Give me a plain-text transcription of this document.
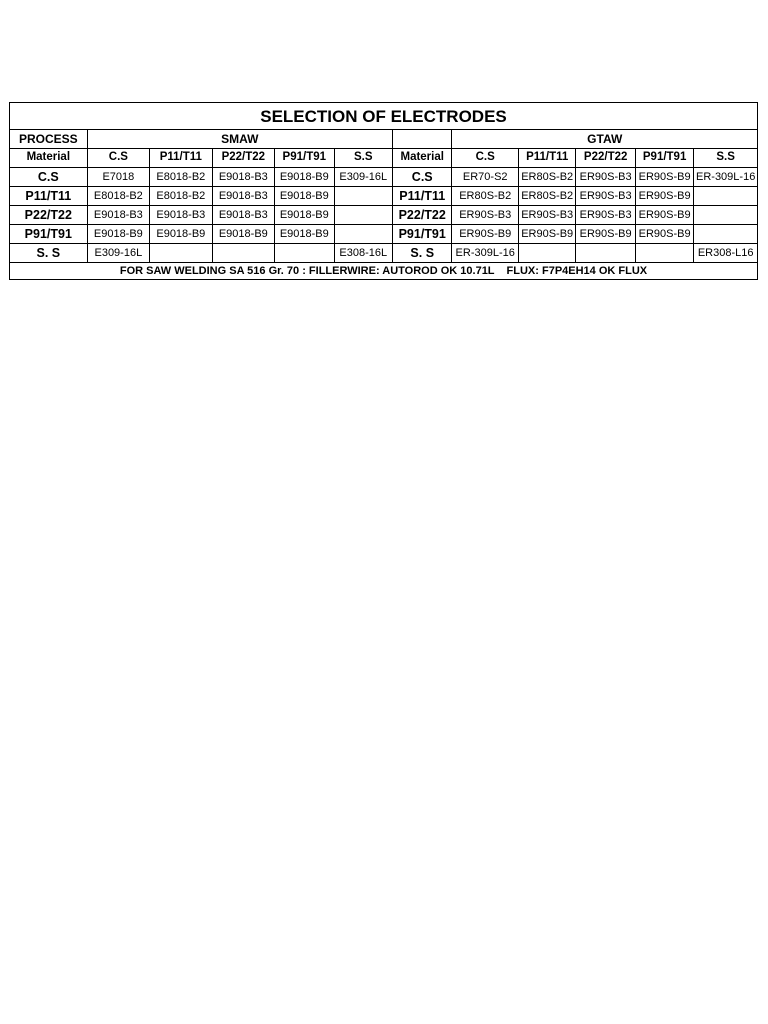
SELECTION OF ELECTRODES											
PROCESS	SMAW						GTAW				
Material	C.S	P11/T11	P22/T22	P91/T91	S.S	Material	C.S	P11/T11	P22/T22	P91/T91	S.S
C.S	E7018	E8018-B2	E9018-B3	E9018-B9	E309-16L	C.S	ER70-S2	ER80S-B2	ER90S-B3	ER90S-B9	ER-309L-16
P11/T11	E8018-B2	E8018-B2	E9018-B3	E9018-B9		P11/T11	ER80S-B2	ER80S-B2	ER90S-B3	ER90S-B9	
P22/T22	E9018-B3	E9018-B3	E9018-B3	E9018-B9		P22/T22	ER90S-B3	ER90S-B3	ER90S-B3	ER90S-B9	
P91/T91	E9018-B9	E9018-B9	E9018-B9	E9018-B9		P91/T91	ER90S-B9	ER90S-B9	ER90S-B9	ER90S-B9	
S. S	E309-16L				E308-16L	S. S	ER-309L-16				ER308-L16
FOR SAW WELDING SA 516 Gr. 70 : FILLERWIRE: AUTOROD OK 10.71L    FLUX: F7P4EH14 OK FLUX											
